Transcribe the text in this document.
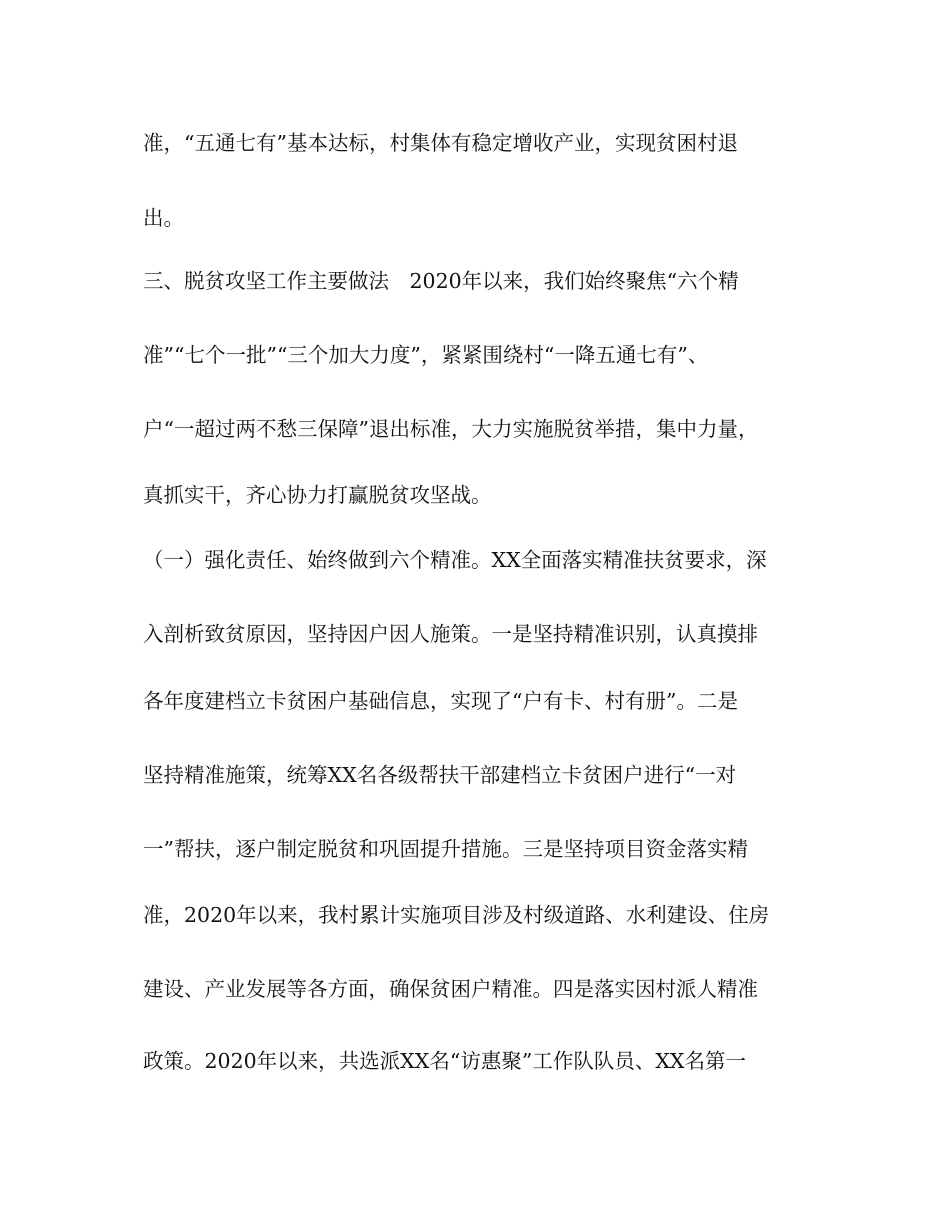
准，“五通七有”基本达标，村集体有稳定增收产业，实现贫困村退
出。
三、脱贫攻坚工作主要做法　2020年以来，我们始终聚焦“六个精
准”“七个一批”“三个加大力度”，紧紧围绕村“一降五通七有”、
户“一超过两不愁三保障”退出标准，大力实施脱贫举措，集中力量，
真抓实干，齐心协力打赢脱贫攻坚战。
（一）强化责任、始终做到六个精准。XX全面落实精准扶贫要求，深
入剖析致贫原因，坚持因户因人施策。一是坚持精准识别，认真摸排
各年度建档立卡贫困户基础信息，实现了“户有卡、村有册”。二是
坚持精准施策，统筹XX名各级帮扶干部建档立卡贫困户进行“一对
一”帮扶，逐户制定脱贫和巩固提升措施。三是坚持项目资金落实精
准，2020年以来，我村累计实施项目涉及村级道路、水利建设、住房
建设、产业发展等各方面，确保贫困户精准。四是落实因村派人精准
政策。2020年以来，共选派XX名“访惠聚”工作队队员、XX名第一
